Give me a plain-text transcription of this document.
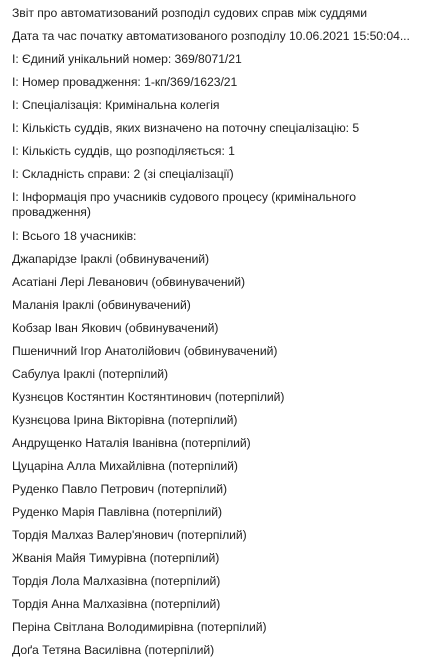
Звіт про автоматизований розподіл судових справ між суддями
Дата та час початку автоматизованого розподілу 10.06.2021 15:50:04...
І: Єдиний унікальний номер: 369/8071/21
І: Номер провадження: 1-кп/369/1623/21
І: Спеціалізація: Кримінальна колегія
І: Кількість суддів, яких визначено на поточну спеціалізацію: 5
І: Кількість суддів, що розподіляється: 1
І: Складність справи: 2 (зі спеціалізації)
І: Інформація про учасників судового процесу (кримінального провадження)
І: Всього 18 учасників:
Джапарідзе Іраклі (обвинувачений)
Асатіані Лері Леванович (обвинувачений)
Маланія Іраклі (обвинувачений)
Кобзар Іван Якович (обвинувачений)
Пшеничний Ігор Анатолійович (обвинувачений)
Сабулуа Іраклі (потерпілий)
Кузнєцов Костянтин Костянтинович (потерпілий)
Кузнєцова Ірина Вікторівна (потерпілий)
Андрущенко Наталія Іванівна (потерпілий)
Цуцаріна Алла Михайлівна (потерпілий)
Руденко Павло Петрович (потерпілий)
Руденко Марія Павлівна (потерпілий)
Тордія Малхаз Валер'янович (потерпілий)
Жванія Майя Тимурівна (потерпілий)
Тордія Лола Малхазівна (потерпілий)
Тордія Анна Малхазівна (потерпілий)
Періна Світлана Володимирівна (потерпілий)
Доґа Тетяна Василівна (потерпілий)
